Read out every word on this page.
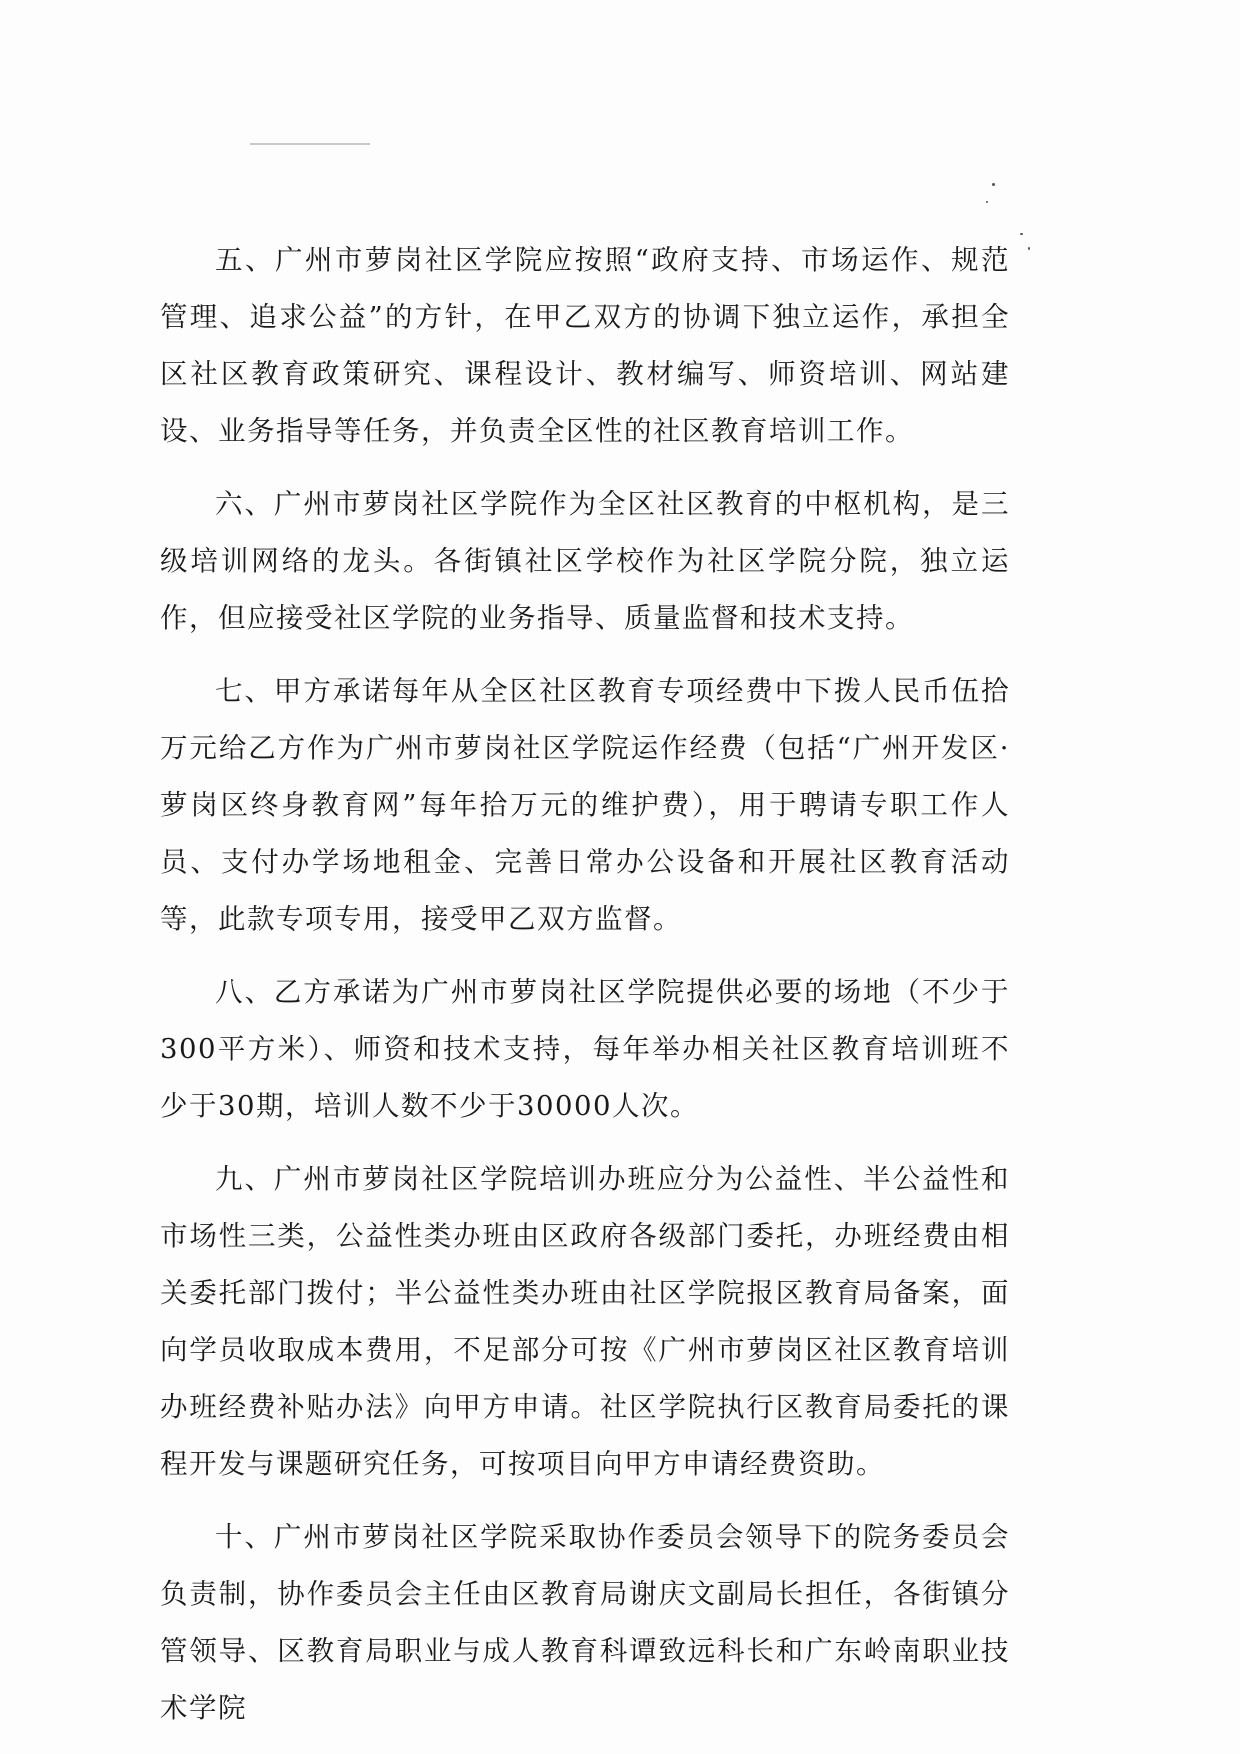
五、广州市萝岗社区学院应按照“政府支持、市场运作、规范管理、追求公益”的方针，在甲乙双方的协调下独立运作，承担全区社区教育政策研究、课程设计、教材编写、师资培训、网站建设、业务指导等任务，并负责全区性的社区教育培训工作。

六、广州市萝岗社区学院作为全区社区教育的中枢机构，是三级培训网络的龙头。各街镇社区学校作为社区学院分院，独立运作，但应接受社区学院的业务指导、质量监督和技术支持。

七、甲方承诺每年从全区社区教育专项经费中下拨人民币伍拾万元给乙方作为广州市萝岗社区学院运作经费（包括“广州开发区·萝岗区终身教育网”每年拾万元的维护费），用于聘请专职工作人员、支付办学场地租金、完善日常办公设备和开展社区教育活动等，此款专项专用，接受甲乙双方监督。

八、乙方承诺为广州市萝岗社区学院提供必要的场地（不少于300平方米）、师资和技术支持，每年举办相关社区教育培训班不少于30期，培训人数不少于30000人次。

九、广州市萝岗社区学院培训办班应分为公益性、半公益性和市场性三类，公益性类办班由区政府各级部门委托，办班经费由相关委托部门拨付；半公益性类办班由社区学院报区教育局备案，面向学员收取成本费用，不足部分可按《广州市萝岗区社区教育培训办班经费补贴办法》向甲方申请。社区学院执行区教育局委托的课程开发与课题研究任务，可按项目向甲方申请经费资助。

十、广州市萝岗社区学院采取协作委员会领导下的院务委员会负责制，协作委员会主任由区教育局谢庆文副局长担任，各街镇分管领导、区教育局职业与成人教育科谭致远科长和广东岭南职业技术学院
